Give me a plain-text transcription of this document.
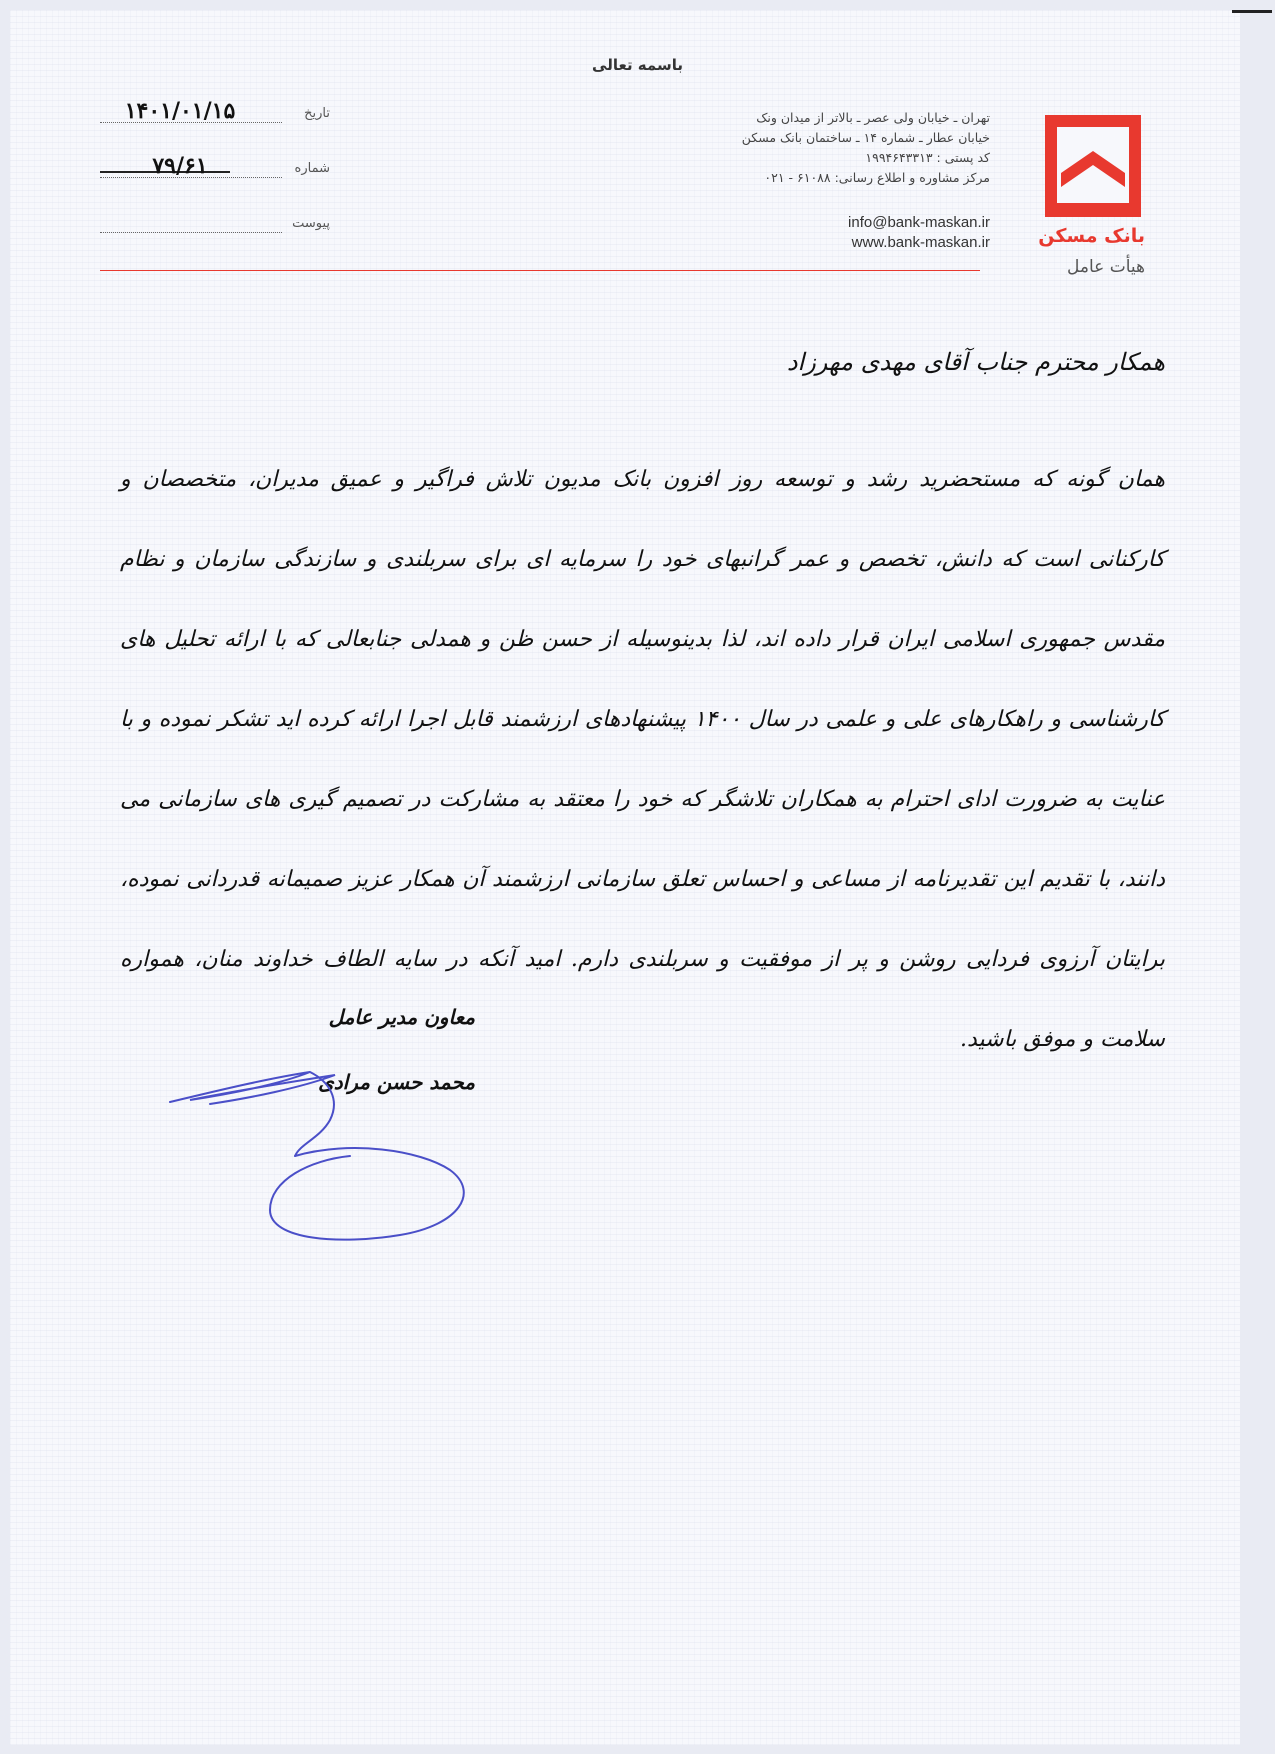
باسمه تعالی
بانک مسکن
هیأت عامل
تهران ـ خیابان ولی عصر ـ بالاتر از میدان ونک
خیابان عطار ـ شماره ۱۴ ـ ساختمان بانک مسکن
کد پستی : ۱۹۹۴۶۴۳۳۱۳
مرکز مشاوره و اطلاع رسانی: ۶۱۰۸۸ - ۰۲۱
info@bank-maskan.ir
www.bank-maskan.ir
تاریخ
۱۴۰۱/۰۱/۱۵
شماره
۷۹/۶۱
پیوست
همکار محترم جناب آقای مهدی مهرزاد
همان گونه که مستحضرید رشد و توسعه روز افزون بانک مدیون تلاش فراگیر و عمیق مدیران، متخصصان و کارکنانی است که دانش، تخصص و عمر گرانبهای خود را سرمایه ای برای سربلندی و سازندگی سازمان و نظام مقدس جمهوری اسلامی ایران قرار داده اند، لذا بدینوسیله از حسن ظن و همدلی جنابعالی که با ارائه تحلیل های کارشناسی و راهکارهای علی و علمی در سال ۱۴۰۰ پیشنهادهای ارزشمند قابل اجرا ارائه کرده اید تشکر نموده و با عنایت به ضرورت ادای احترام به همکاران تلاشگر که خود را معتقد به مشارکت در تصمیم گیری های سازمانی می دانند، با تقدیم این تقدیرنامه از مساعی و احساس تعلق سازمانی ارزشمند آن همکار عزیز صمیمانه قدردانی نموده، برایتان آرزوی فردایی روشن و پر از موفقیت و سربلندی دارم. امید آنکه در سایه الطاف خداوند منان، همواره سلامت و موفق باشید.
معاون مدیر عامل
محمد حسن مرادی
